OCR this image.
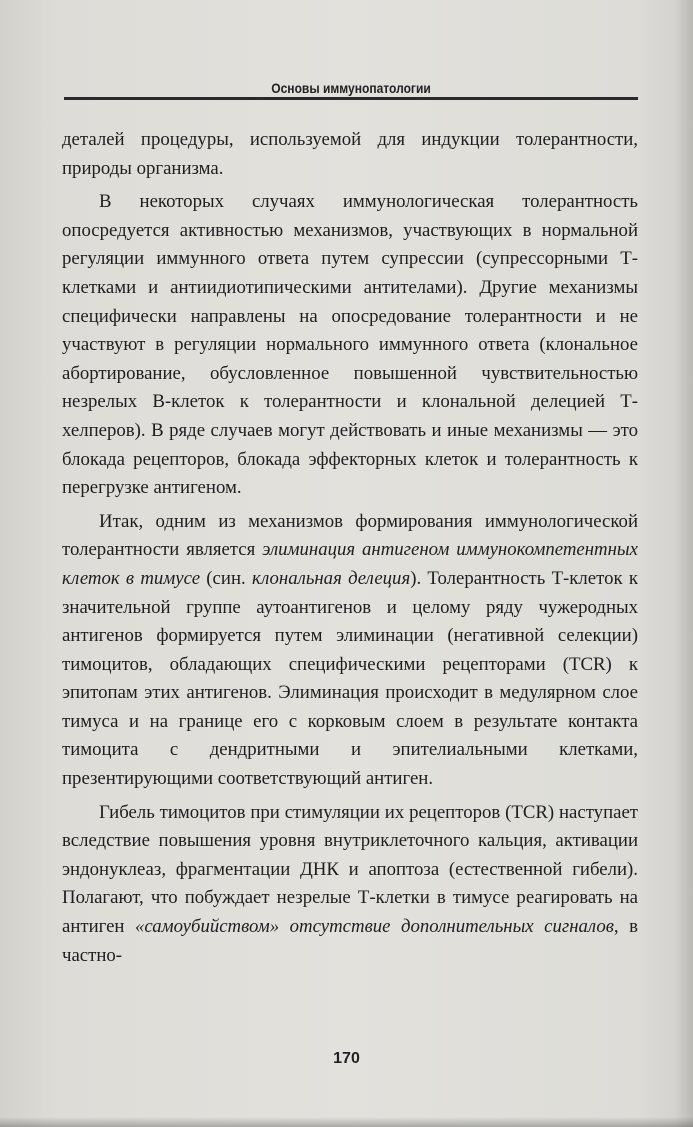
Основы иммунопатологии

деталей процедуры, используемой для индукции толерантности, природы организма.

В некоторых случаях иммунологическая толерантность опосредуется активностью механизмов, участвующих в нормальной регуляции иммунного ответа путем супрессии (супрессорными Т-клетками и антиидиотипическими антителами). Другие механизмы специфически направлены на опосредование толерантности и не участвуют в регуляции нормального иммунного ответа (клональное абортирование, обусловленное повышенной чувствительностью незрелых В-клеток к толерантности и клональной делецией Т-хелперов). В ряде случаев могут действовать и иные механизмы — это блокада рецепторов, блокада эффекторных клеток и толерантность к перегрузке антигеном.

Итак, одним из механизмов формирования иммунологической толерантности является элиминация антигеном иммунокомпетентных клеток в тимусе (син. клональная делеция). Толерантность Т-клеток к значительной группе аутоантигенов и целому ряду чужеродных антигенов формируется путем элиминации (негативной селекции) тимоцитов, обладающих специфическими рецепторами (TCR) к эпитопам этих антигенов. Элиминация происходит в медулярном слое тимуса и на границе его с корковым слоем в результате контакта тимоцита с дендритными и эпителиальными клетками, презентирующими соответствующий антиген.

Гибель тимоцитов при стимуляции их рецепторов (TCR) наступает вследствие повышения уровня внутриклеточного кальция, активации эндонуклеаз, фрагментации ДНК и апоптоза (естественной гибели). Полагают, что побуждает незрелые Т-клетки в тимусе реагировать на антиген «самоубийством» отсутствие дополнительных сигналов, в частно-

170
